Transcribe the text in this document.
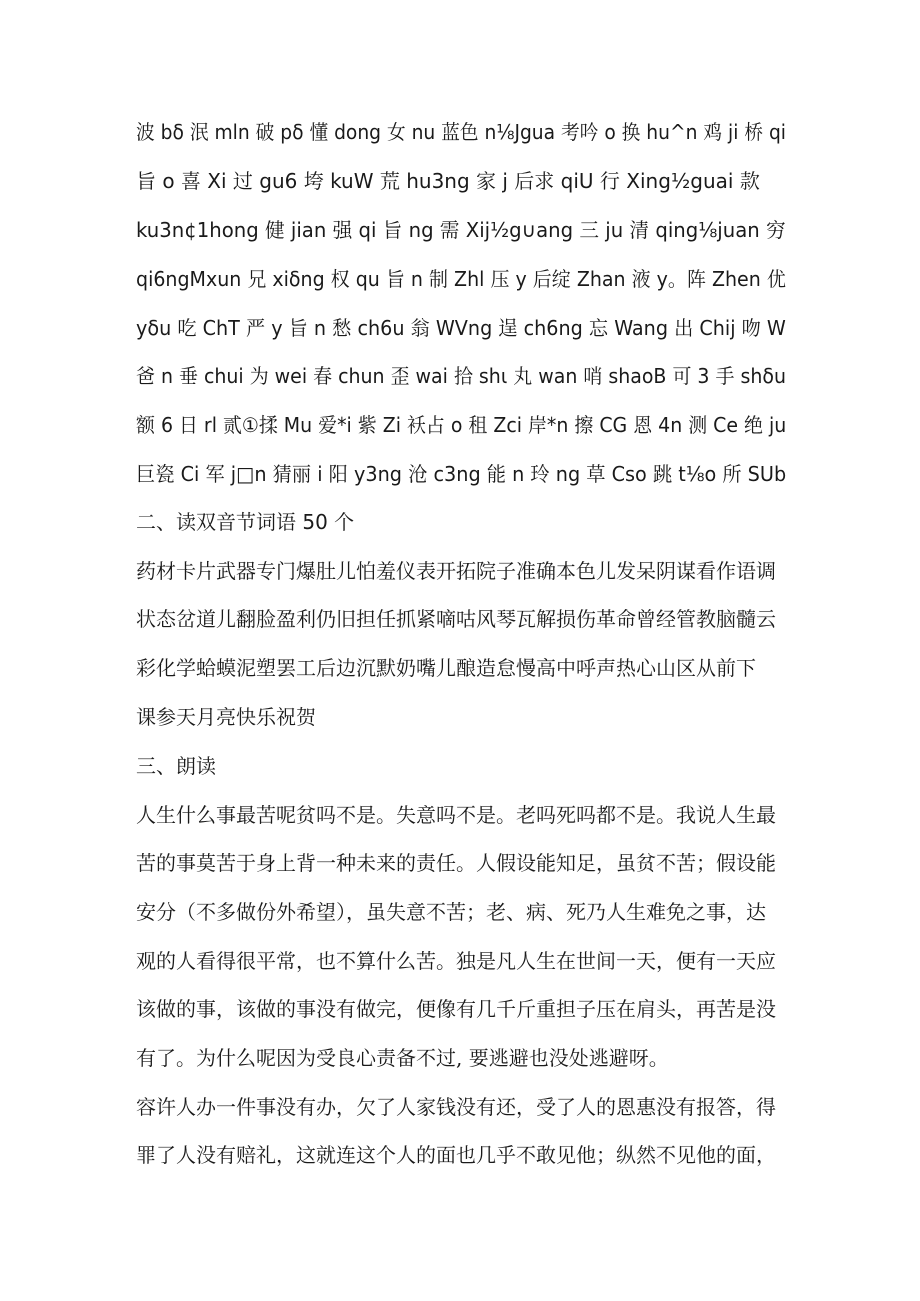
波 bδ 泯 mln 破 pδ 懂 dong 女 nu 蓝色 n⅛Jgua 考吟 o 换 hu^n 鸡 ji 桥 qi
旨 o 喜 Xi 过 gu6 垮 kuW 荒 hu3ng 家 j 后求 qiU 行 Xing½guai 款
ku3n¢1hong 健 jian 强 qi 旨 ng 需 Xij½g∪ang 三 ju 清 qing⅛juan 穷
qi6ngMxun 兄 xiδng 权 qu 旨 n 制 Zhl 压 y 后绽 Zhan 液 y。阵 Zhen 优
yδu 吃 ChT 严 y 旨 n 愁 ch6u 翁 WVng 逞 ch6ng 忘 Wang 出 Chij 吻 W
爸 n 垂 chui 为 wei 春 chun 歪 wai 拾 shι 丸 wan 哨 shaoB 可 3 手 shδu
额 6 日 rl 贰①揉 Mu 爱*i 紫 Zi 袄占 o 租 Zci 岸*n 擦 CG 恩 4n 测 Ce 绝 ju
巨瓷 Ci 军 j□n 猜丽 i 阳 y3ng 沧 c3ng 能 n 玲 ng 草 Cso 跳 t⅛o 所 SUb
二、读双音节词语 50 个
药材卡片武器专门爆肚儿怕羞仪表开拓院子准确本色儿发呆阴谋看作语调
状态岔道儿翻脸盈利仍旧担任抓紧嘀咕风琴瓦解损伤革命曾经管教脑髓云
彩化学蛤蟆泥塑罢工后边沉默奶嘴儿酿造怠慢高中呼声热心山区从前下
课参天月亮快乐祝贺
三、朗读
人生什么事最苦呢贫吗不是。失意吗不是。老吗死吗都不是。我说人生最
苦的事莫苦于身上背一种未来的责任。人假设能知足，虽贫不苦；假设能
安分（不多做份外希望），虽失意不苦；老、病、死乃人生难免之事，达
观的人看得很平常，也不算什么苦。独是凡人生在世间一天，便有一天应
该做的事，该做的事没有做完，便像有几千斤重担子压在肩头，再苦是没
有了。为什么呢因为受良心责备不过, 要逃避也没处逃避呀。
容许人办一件事没有办，欠了人家钱没有还，受了人的恩惠没有报答，得
罪了人没有赔礼，这就连这个人的面也几乎不敢见他；纵然不见他的面，
